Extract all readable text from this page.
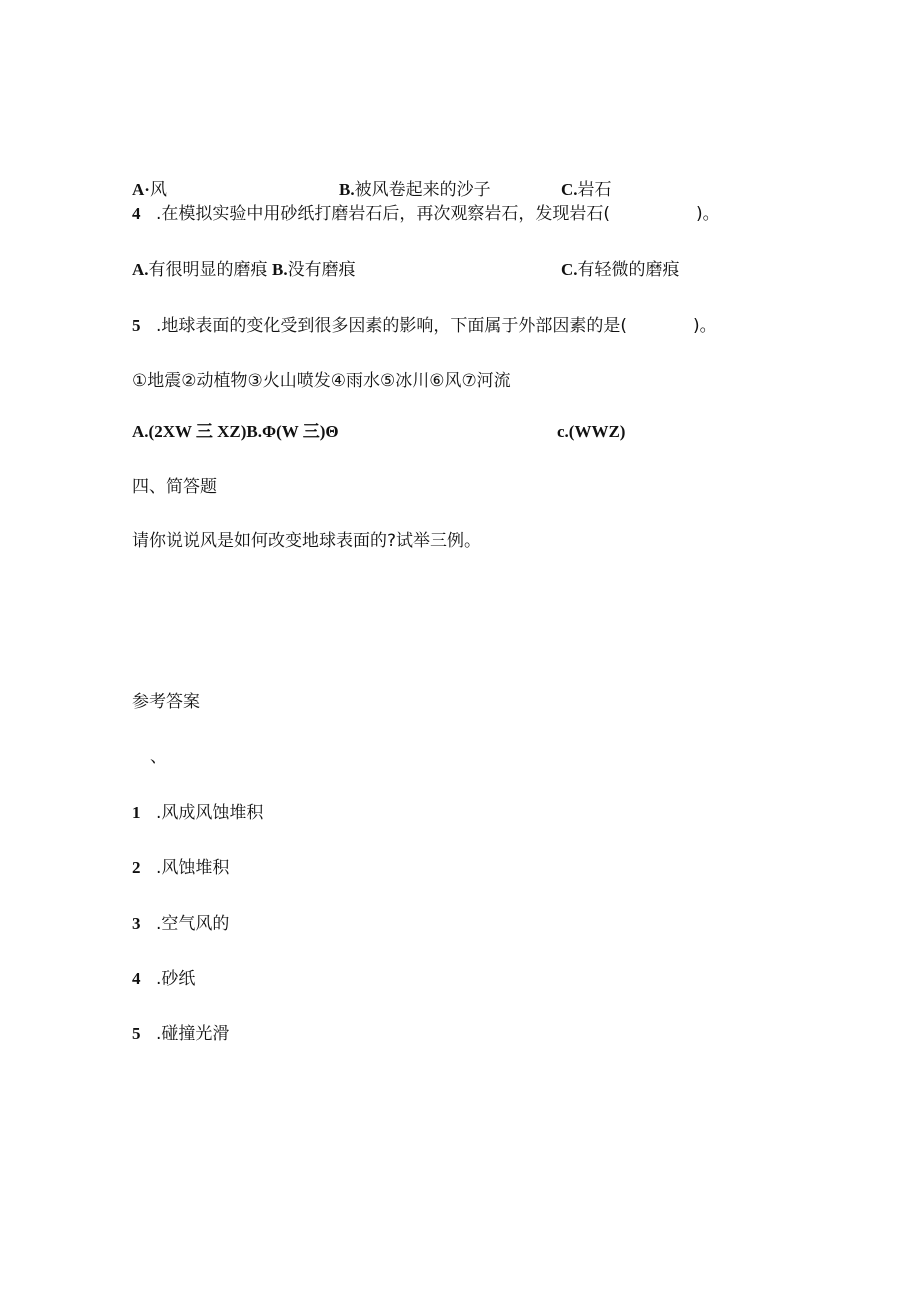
A·风	B.被风卷起来的沙子	C.岩石
4 .在模拟实验中用砂纸打磨岩石后，再次观察岩石，发现岩石(	)。
A.有很明显的磨痕 B.没有磨痕	C.有轻微的磨痕
5 .地球表面的变化受到很多因素的影响，下面属于外部因素的是(	)。
①地震②动植物③火山喷发④雨水⑤冰川⑥风⑦河流
A.(2XW 三 XZ)B.Φ(W 三)Θ	c.(WWZ)
四、简答题
请你说说风是如何改变地球表面的?试举三例。
参考答案
、
1 .风成风蚀堆积
2 .风蚀堆积
3 .空气风的
4 .砂纸
5 .碰撞光滑
